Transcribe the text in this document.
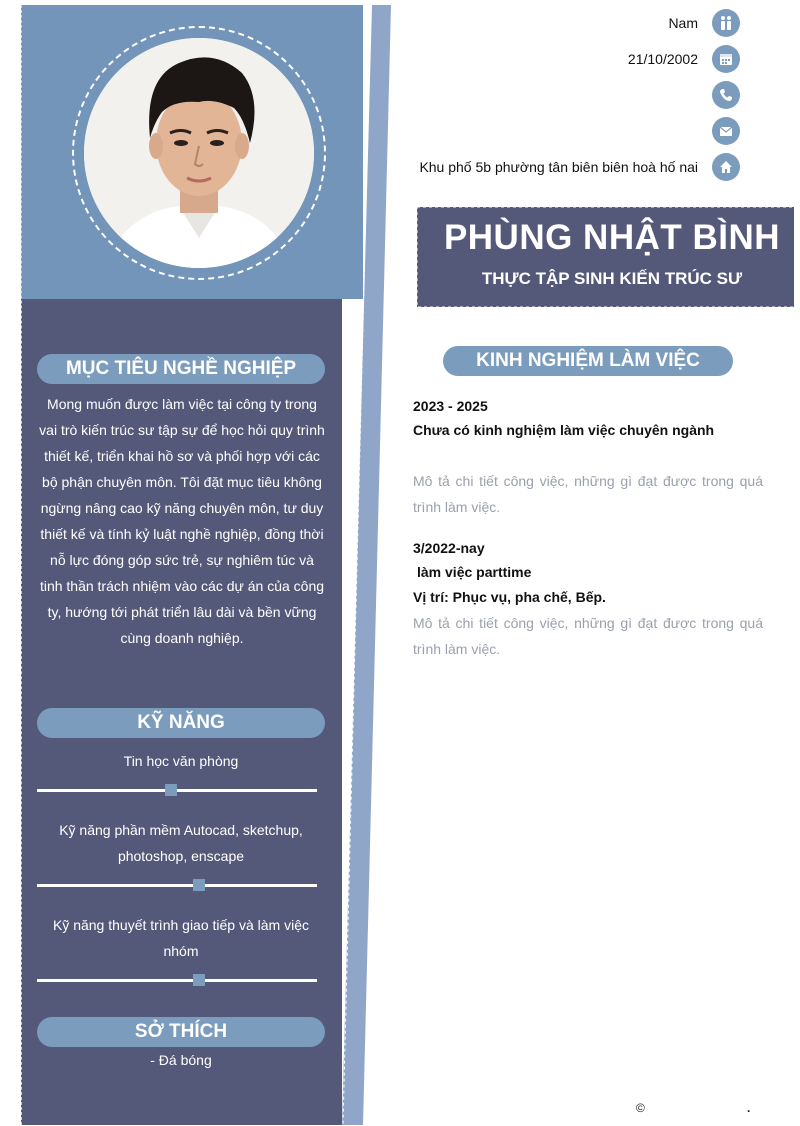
MỤC TIÊU NGHỀ NGHIỆP
Mong muốn được làm việc tại công ty trong vai trò kiến trúc sư tập sự để học hỏi quy trình thiết kế, triển khai hồ sơ và phối hợp với các bộ phận chuyên môn. Tôi đặt mục tiêu không ngừng nâng cao kỹ năng chuyên môn, tư duy thiết kế và tính kỷ luật nghề nghiệp, đồng thời nỗ lực đóng góp sức trẻ, sự nghiêm túc và tinh thần trách nhiệm vào các dự án của công ty, hướng tới phát triển lâu dài và bền vững cùng doanh nghiệp.
KỸ NĂNG
Tin học văn phòng
Kỹ năng phần mềm Autocad, sketchup, photoshop, enscape
Kỹ năng thuyết trình giao tiếp và làm việc nhóm
SỞ THÍCH
- Đá bóng
Nam
21/10/2002
Khu phố 5b phường tân biên biên hoà hố nai
PHÙNG NHẬT BÌNH
THỰC TẬP SINH KIẾN TRÚC SƯ
KINH NGHIỆM LÀM VIỆC
2023 - 2025
Chưa có kinh nghiệm làm việc chuyên ngành
Mô tả chi tiết công việc, những gì đạt được trong quá trình làm việc.
3/2022-nay
làm việc parttime
Vị trí: Phục vụ, pha chế, Bếp.
Mô tả chi tiết công việc, những gì đạt được trong quá trình làm việc.
©	.
